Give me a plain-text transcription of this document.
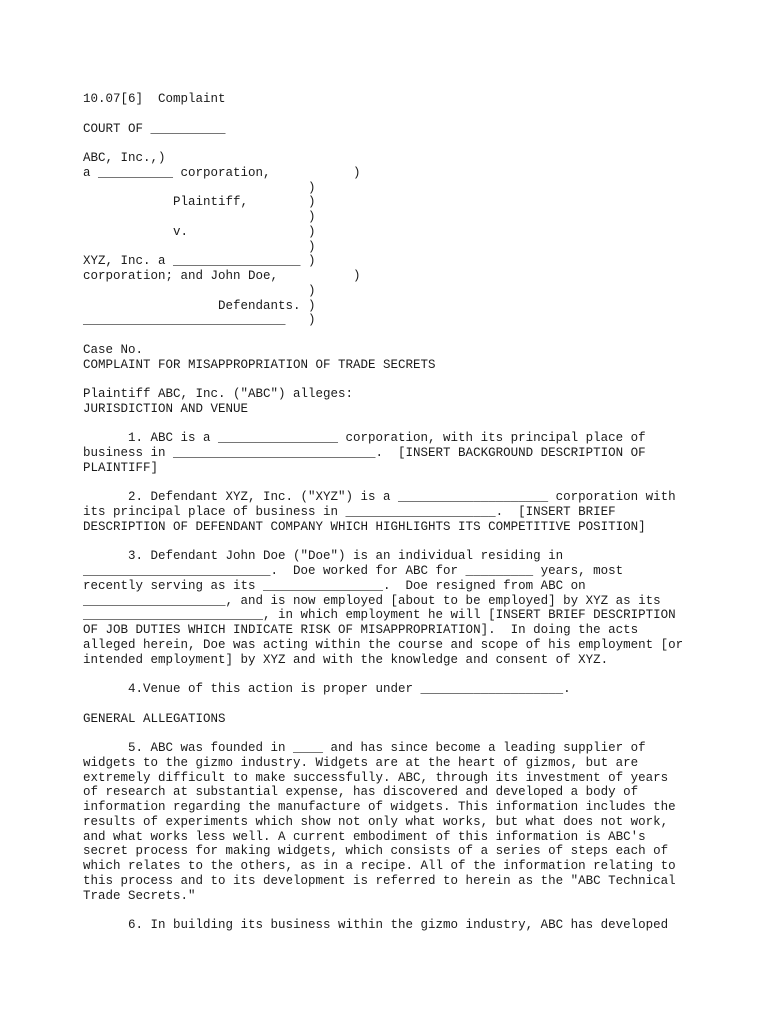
10.07[6]  Complaint
COURT OF __________
ABC, Inc.,)
a __________ corporation,           )
)
Plaintiff,        )
)
v.                )
)
XYZ, Inc. a _________________ )
corporation; and John Doe,          )
)
Defendants. )
___________________________   )
Case No.
COMPLAINT FOR MISAPPROPRIATION OF TRADE SECRETS
Plaintiff ABC, Inc. ("ABC") alleges:
JURISDICTION AND VENUE
1. ABC is a ________________ corporation, with its principal place of
business in ___________________________.  [INSERT BACKGROUND DESCRIPTION OF
PLAINTIFF]
2. Defendant XYZ, Inc. ("XYZ") is a ____________________ corporation with
its principal place of business in ____________________.  [INSERT BRIEF
DESCRIPTION OF DEFENDANT COMPANY WHICH HIGHLIGHTS ITS COMPETITIVE POSITION]
3. Defendant John Doe ("Doe") is an individual residing in
_________________________.  Doe worked for ABC for _________ years, most
recently serving as its ________________.  Doe resigned from ABC on
___________________, and is now employed [about to be employed] by XYZ as its
________________________, in which employment he will [INSERT BRIEF DESCRIPTION
OF JOB DUTIES WHICH INDICATE RISK OF MISAPPROPRIATION].  In doing the acts
alleged herein, Doe was acting within the course and scope of his employment [or
intended employment] by XYZ and with the knowledge and consent of XYZ.
4.Venue of this action is proper under ___________________.
GENERAL ALLEGATIONS
5. ABC was founded in ____ and has since become a leading supplier of
widgets to the gizmo industry. Widgets are at the heart of gizmos, but are
extremely difficult to make successfully. ABC, through its investment of years
of research at substantial expense, has discovered and developed a body of
information regarding the manufacture of widgets. This information includes the
results of experiments which show not only what works, but what does not work,
and what works less well. A current embodiment of this information is ABC's
secret process for making widgets, which consists of a series of steps each of
which relates to the others, as in a recipe. All of the information relating to
this process and to its development is referred to herein as the "ABC Technical
Trade Secrets."
6. In building its business within the gizmo industry, ABC has developed
